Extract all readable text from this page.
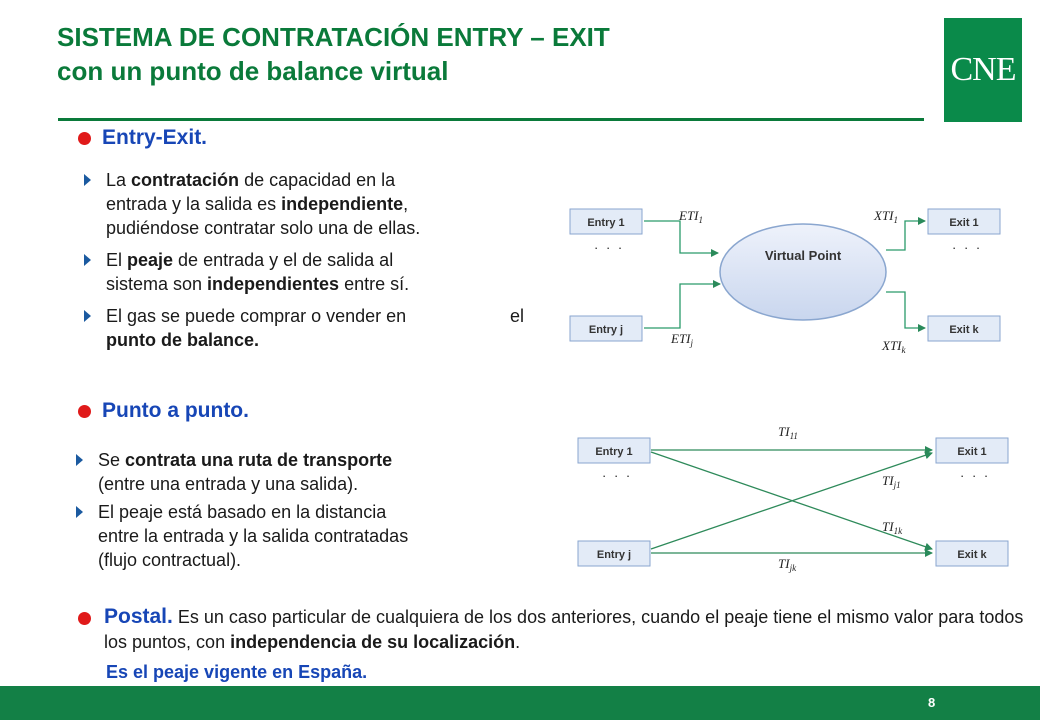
SISTEMA DE CONTRATACIÓN ENTRY – EXIT
con un punto de balance virtual	CNE
Entry-Exit.
La contratación de capacidad en la
entrada y la salida es independiente,
pudiéndose contratar solo una de ellas.
El peaje de entrada y el de salida al
sistema son independientes entre sí.
El gas se puede comprar o vender en	el

punto de balance.
Punto a punto.
Se contrata una ruta de transporte
(entre una entrada y una salida).
El peaje está basado en la distancia
entre la entrada y la salida contratadas
(flujo contractual).
Postal. Es un caso particular de cualquiera de los dos anteriores, cuando el peaje tiene el mismo valor para todos los puntos, con independencia de su localización.
Es el peaje vigente en España.
Entry 1
Entry j
Exit 1
Exit k
Virtual Point
· · ·	· · ·
$ETI_1$
$ETI_j$
$XTI_1$
$XTI_k$
Entry 1
Entry j
Exit 1
Exit k
· · ·	· · ·
$TI_{11}$
$TI_{j1}$
$TI_{1k}$
$TI_{jk}$
8
